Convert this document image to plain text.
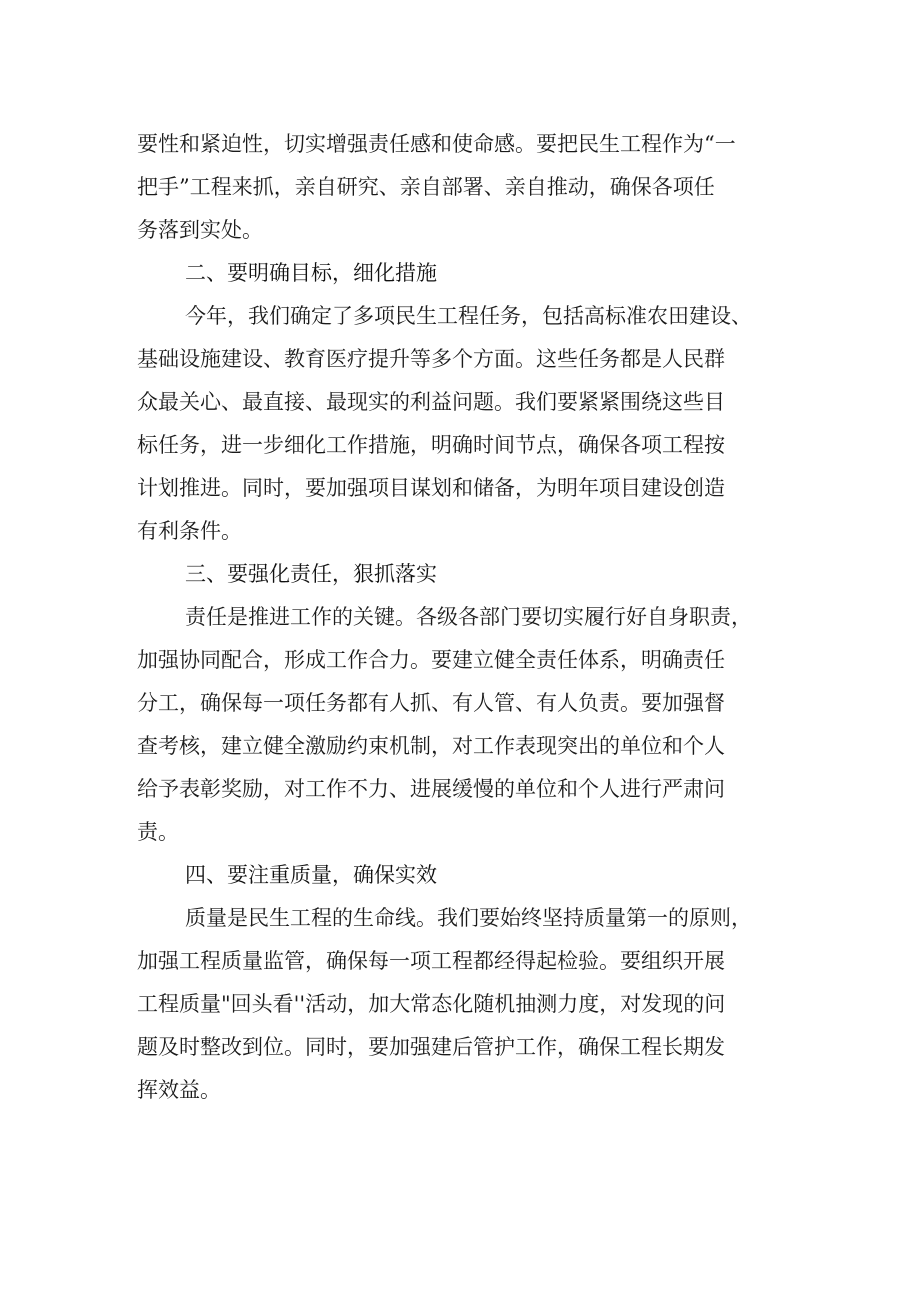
要性和紧迫性，切实增强责任感和使命感。要把民生工程作为“一
把手”工程来抓，亲自研究、亲自部署、亲自推动，确保各项任
务落到实处。
二、要明确目标，细化措施
今年，我们确定了多项民生工程任务，包括高标准农田建设、
基础设施建设、教育医疗提升等多个方面。这些任务都是人民群
众最关心、最直接、最现实的利益问题。我们要紧紧围绕这些目
标任务，进一步细化工作措施，明确时间节点，确保各项工程按
计划推进。同时，要加强项目谋划和储备，为明年项目建设创造
有利条件。
三、要强化责任，狠抓落实
责任是推进工作的关键。各级各部门要切实履行好自身职责，
加强协同配合，形成工作合力。要建立健全责任体系，明确责任
分工，确保每一项任务都有人抓、有人管、有人负责。要加强督
查考核，建立健全激励约束机制，对工作表现突出的单位和个人
给予表彰奖励，对工作不力、进展缓慢的单位和个人进行严肃问
责。
四、要注重质量，确保实效
质量是民生工程的生命线。我们要始终坚持质量第一的原则，
加强工程质量监管，确保每一项工程都经得起检验。要组织开展
工程质量"回头看''活动，加大常态化随机抽测力度，对发现的问
题及时整改到位。同时，要加强建后管护工作，确保工程长期发
挥效益。
